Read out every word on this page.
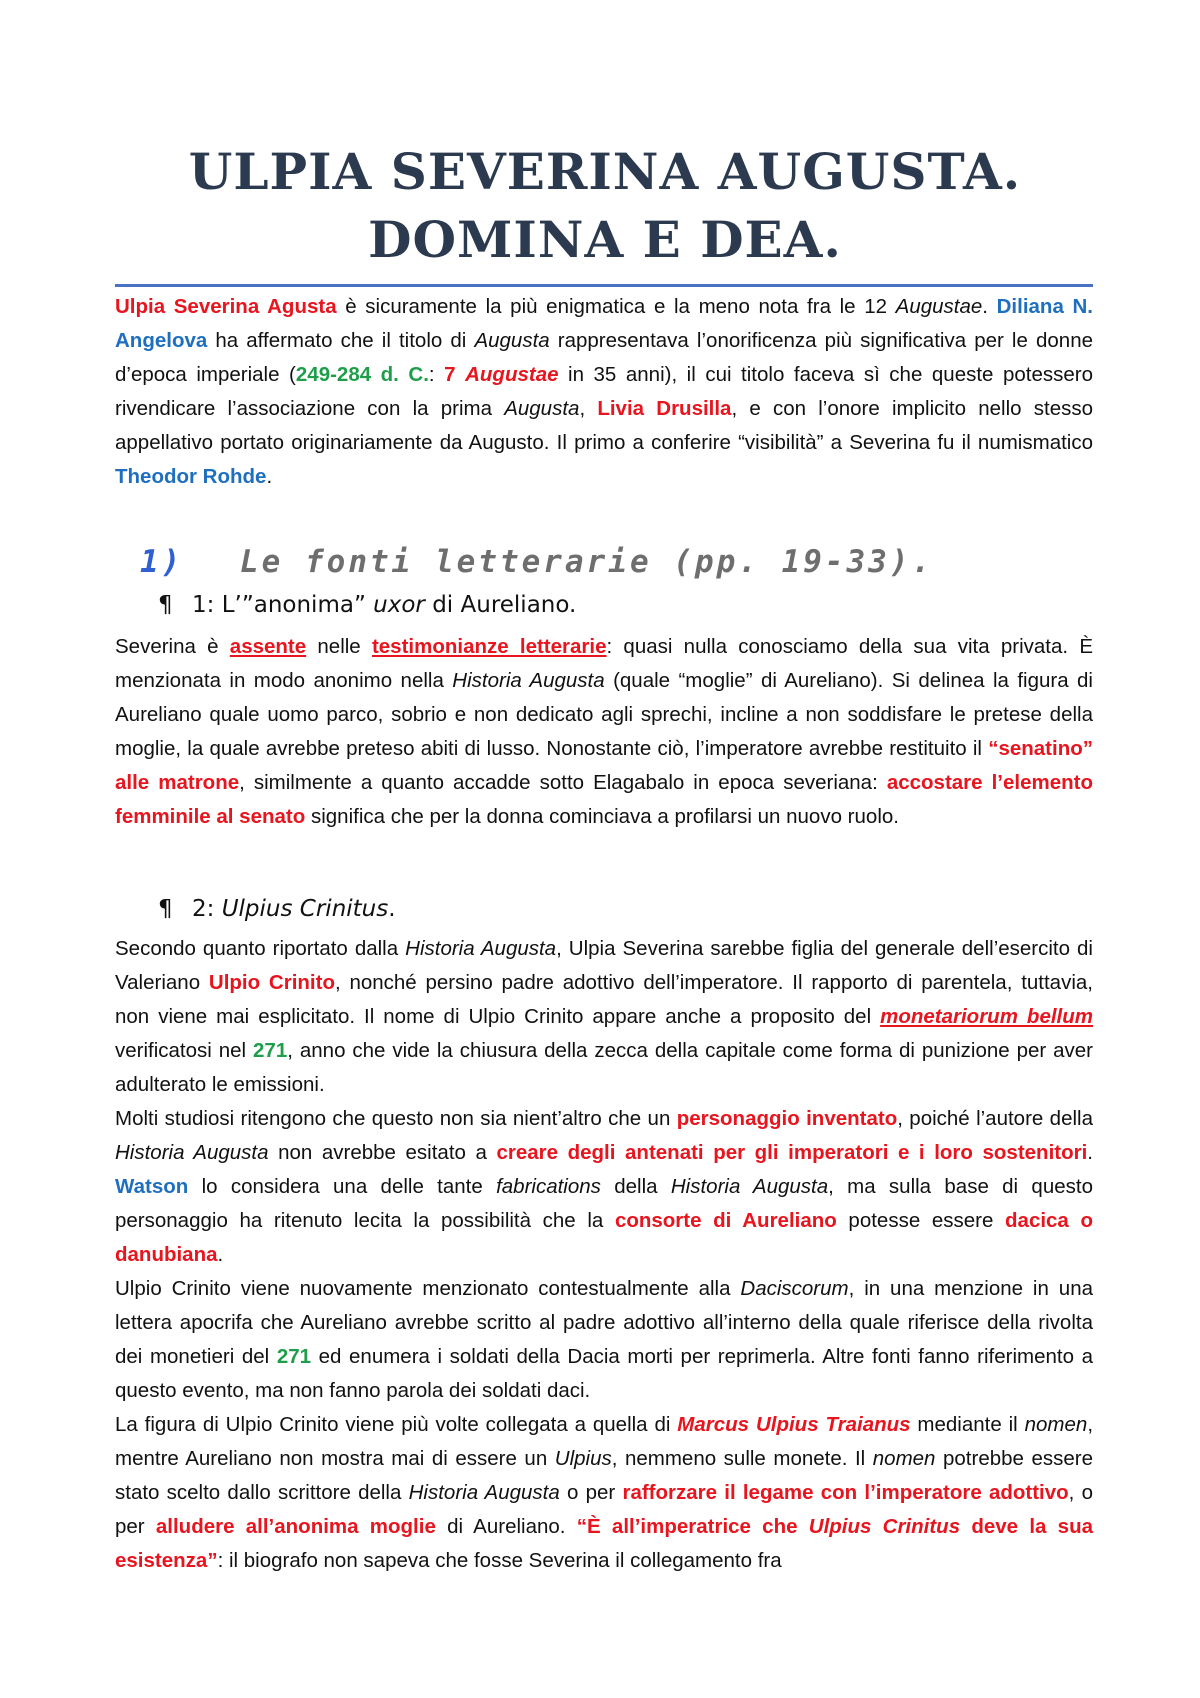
ULPIA SEVERINA AUGUSTA.
DOMINA E DEA.

Ulpia Severina Agusta è sicuramente la più enigmatica e la meno nota fra le 12 Augustae. Diliana N. Angelova ha affermato che il titolo di Augusta rappresentava l’onorificenza più significativa per le donne d’epoca imperiale (249-284 d. C.: 7 Augustae in 35 anni), il cui titolo faceva sì che queste potessero rivendicare l’associazione con la prima Augusta, Livia Drusilla, e con l’onore implicito nello stesso appellativo portato originariamente da Augusto. Il primo a conferire “visibilità” a Severina fu il numismatico Theodor Rohde.

1) Le fonti letterarie (pp. 19-33).
¶ 1: L’”anonima” uxor di Aureliano.

Severina è assente nelle testimonianze letterarie: quasi nulla conosciamo della sua vita privata. È menzionata in modo anonimo nella Historia Augusta (quale “moglie” di Aureliano). Si delinea la figura di Aureliano quale uomo parco, sobrio e non dedicato agli sprechi, incline a non soddisfare le pretese della moglie, la quale avrebbe preteso abiti di lusso. Nonostante ciò, l’imperatore avrebbe restituito il “senatino” alle matrone, similmente a quanto accadde sotto Elagabalo in epoca severiana: accostare l’elemento femminile al senato significa che per la donna cominciava a profilarsi un nuovo ruolo.

¶ 2: Ulpius Crinitus.

Secondo quanto riportato dalla Historia Augusta, Ulpia Severina sarebbe figlia del generale dell’esercito di Valeriano Ulpio Crinito, nonché persino padre adottivo dell’imperatore. Il rapporto di parentela, tuttavia, non viene mai esplicitato. Il nome di Ulpio Crinito appare anche a proposito del monetariorum bellum verificatosi nel 271, anno che vide la chiusura della zecca della capitale come forma di punizione per aver adulterato le emissioni.

Molti studiosi ritengono che questo non sia nient’altro che un personaggio inventato, poiché l’autore della Historia Augusta non avrebbe esitato a creare degli antenati per gli imperatori e i loro sostenitori. Watson lo considera una delle tante fabrications della Historia Augusta, ma sulla base di questo personaggio ha ritenuto lecita la possibilità che la consorte di Aureliano potesse essere dacica o danubiana.

Ulpio Crinito viene nuovamente menzionato contestualmente alla Daciscorum, in una menzione in una lettera apocrifa che Aureliano avrebbe scritto al padre adottivo all’interno della quale riferisce della rivolta dei monetieri del 271 ed enumera i soldati della Dacia morti per reprimerla. Altre fonti fanno riferimento a questo evento, ma non fanno parola dei soldati daci.

La figura di Ulpio Crinito viene più volte collegata a quella di Marcus Ulpius Traianus mediante il nomen, mentre Aureliano non mostra mai di essere un Ulpius, nemmeno sulle monete. Il nomen potrebbe essere stato scelto dallo scrittore della Historia Augusta o per rafforzare il legame con l’imperatore adottivo, o per alludere all’anonima moglie di Aureliano. “È all’imperatrice che Ulpius Crinitus deve la sua esistenza”: il biografo non sapeva che fosse Severina il collegamento fra
